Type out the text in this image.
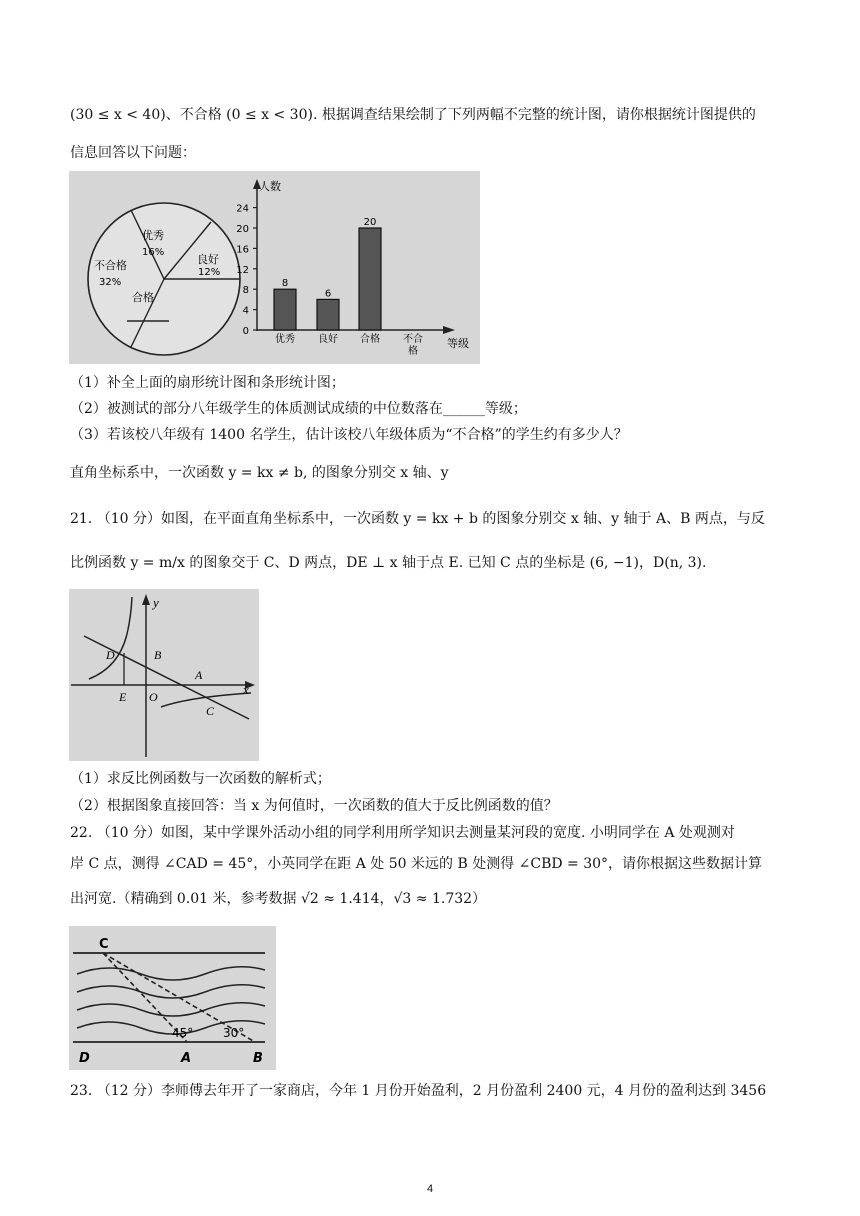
(30 ≤ x < 40)、不合格 (0 ≤ x < 30). 根据调查结果绘制了下列两幅不完整的统计图，请你根据统计图提供的
信息回答以下问题：
优秀
16%
良好
12%
不合格
32%
合格
人数
等级
0
4
8
12
16
20
24
8
6
20
优秀 良好 合格 不合
格
（1）补全上面的扇形统计图和条形统计图；
（2）被测试的部分八年级学生的体质测试成绩的中位数落在______等级；
（3）若该校八年级有 1400 名学生，估计该校八年级体质为“不合格”的学生约有多少人？
直角坐标系中，一次函数 y = kx ≠ b, 的图象分别交 x 轴、y
21. （10 分）如图，在平面直角坐标系中，一次函数 y = kx + b 的图象分别交 x 轴、y 轴于 A、B 两点，与反
比例函数 y = m/x 的图象交于 C、D 两点，DE ⊥ x 轴于点 E. 已知 C 点的坐标是 (6, −1)，D(n, 3).
y
x
D	B
A
E O
C
（1）求反比例函数与一次函数的解析式；
（2）根据图象直接回答：当 x 为何值时，一次函数的值大于反比例函数的值？
22. （10 分）如图，某中学课外活动小组的同学利用所学知识去测量某河段的宽度. 小明同学在 A 处观测对
岸 C 点，测得 ∠CAD = 45°，小英同学在距 A 处 50 米远的 B 处测得 ∠CBD = 30°，请你根据这些数据计算
出河宽.（精确到 0.01 米，参考数据 √2 ≈ 1.414，√3 ≈ 1.732）
C
D	A	B
45° 30°
23. （12 分）李师傅去年开了一家商店，今年 1 月份开始盈利，2 月份盈利 2400 元，4 月份的盈利达到 3456
4
